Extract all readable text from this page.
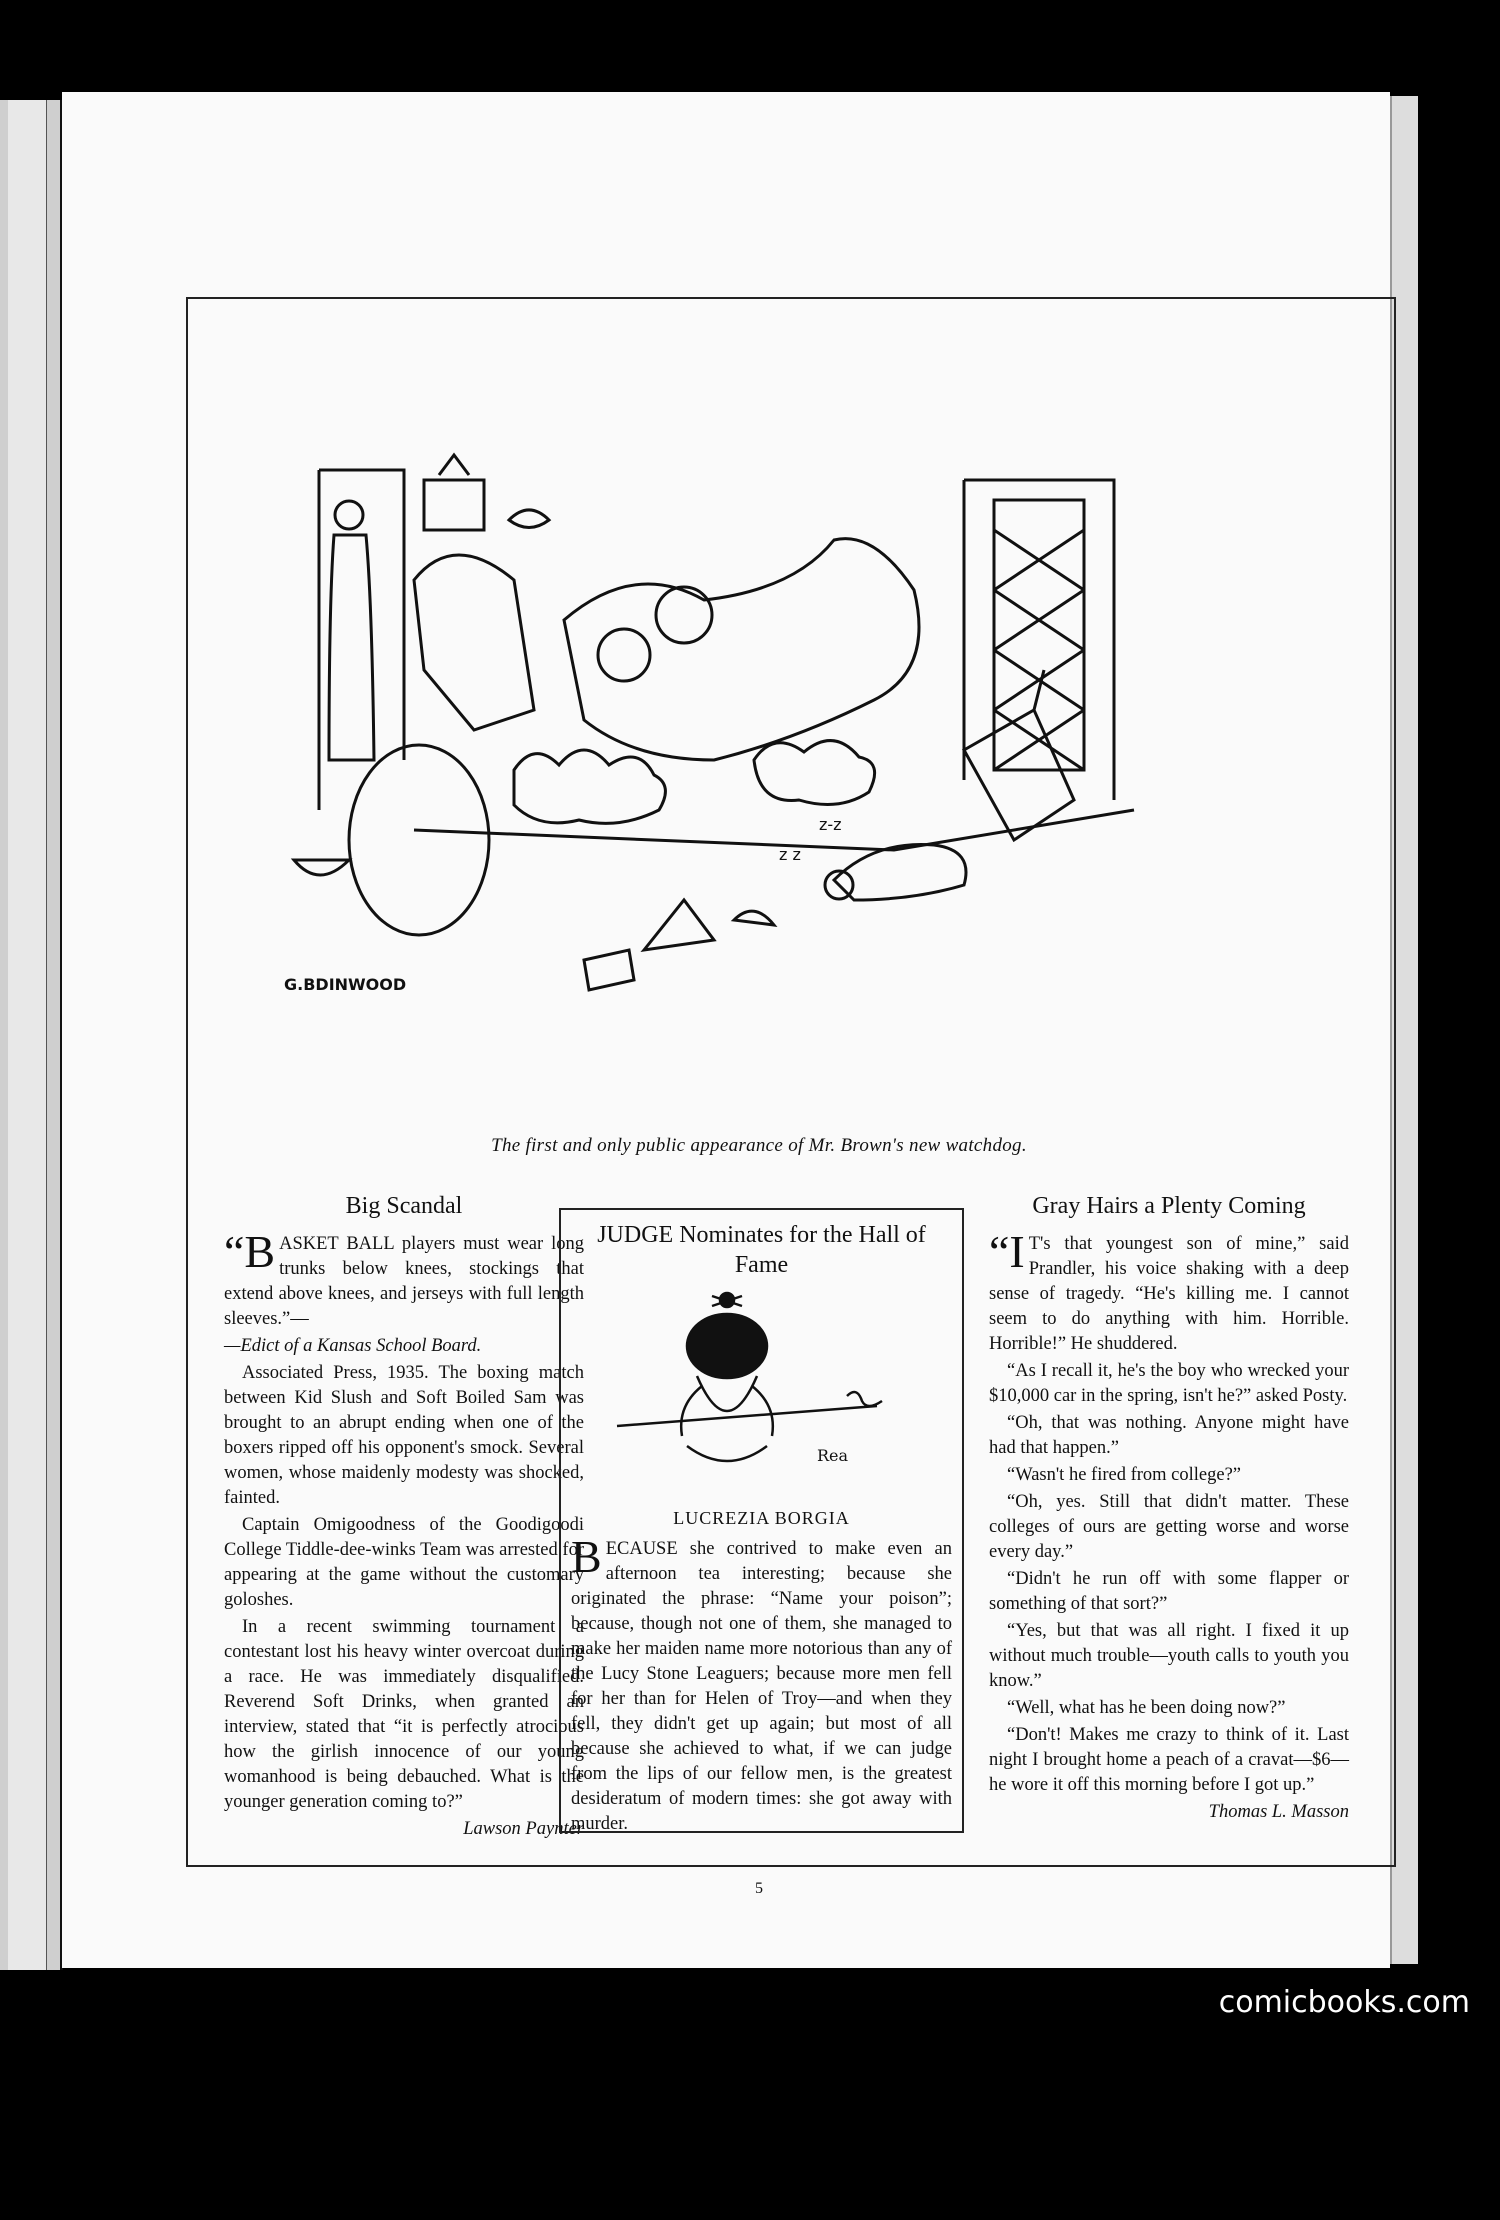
z z
z-z
G.BDINWOOD
The first and only public appearance of Mr. Brown's new watchdog.
Big Scandal

“BASKET BALL players must wear long trunks below knees, stockings that extend above knees, and jerseys with full length sleeves.”—

—Edict of a Kansas School Board.

Associated Press, 1935. The boxing match between Kid Slush and Soft Boiled Sam was brought to an abrupt ending when one of the boxers ripped off his opponent's smock. Several women, whose maidenly modesty was shocked, fainted.

Captain Omigoodness of the Goodigoodi College Tiddle-dee-winks Team was arrested for appearing at the game without the customary goloshes.

In a recent swimming tournament a contestant lost his heavy winter overcoat during a race. He was immediately disqualified. Reverend Soft Drinks, when granted an interview, stated that “it is perfectly atrocious how the girlish innocence of our young womanhood is being debauched. What is the younger generation coming to?”

Lawson Paynter

JUDGE Nominates for the Hall of Fame
Rea
LUCREZIA BORGIA

BECAUSE she contrived to make even an afternoon tea interesting; because she originated the phrase: “Name your poison”; because, though not one of them, she managed to make her maiden name more notorious than any of the Lucy Stone Leaguers; because more men fell for her than for Helen of Troy—and when they fell, they didn't get up again; but most of all because she achieved to what, if we can judge from the lips of our fellow men, is the greatest desideratum of modern times: she got away with murder.

Gray Hairs a Plenty Coming

“I T's that youngest son of mine,” said Prandler, his voice shaking with a deep sense of tragedy. “He's killing me. I cannot seem to do anything with him. Horrible. Horrible!” He shuddered.

“As I recall it, he's the boy who wrecked your $10,000 car in the spring, isn't he?” asked Posty.

“Oh, that was nothing. Anyone might have had that happen.”

“Wasn't he fired from college?”

“Oh, yes. Still that didn't matter. These colleges of ours are getting worse and worse every day.”

“Didn't he run off with some flapper or something of that sort?”

“Yes, but that was all right. I fixed it up without much trouble—youth calls to youth you know.”

“Well, what has he been doing now?”

“Don't! Makes me crazy to think of it. Last night I brought home a peach of a cravat—$6—he wore it off this morning before I got up.”

Thomas L. Masson

5
comicbooks.com
